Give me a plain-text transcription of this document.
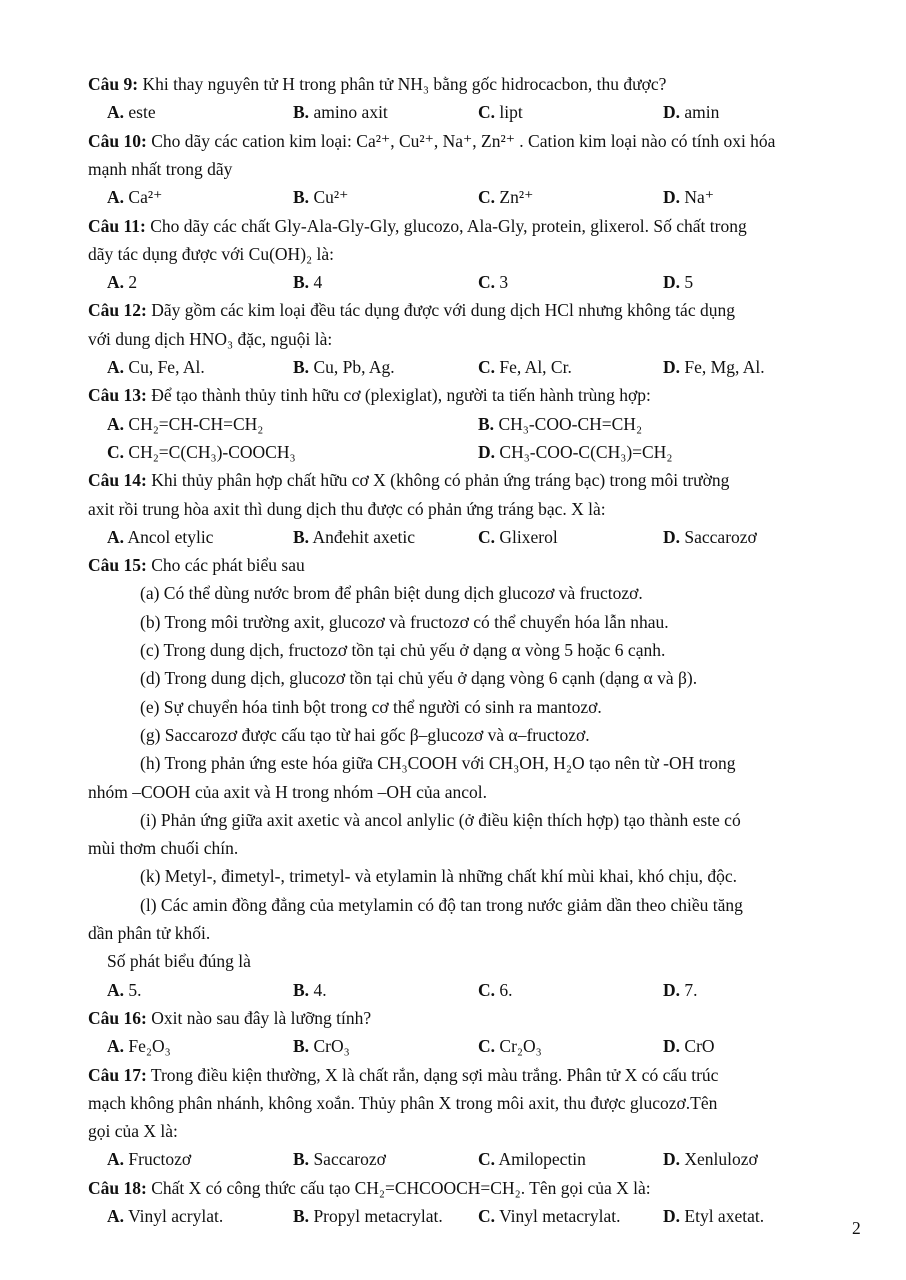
Câu 9: Khi thay nguyên tử H trong phân tử NH₃ bằng gốc hidrocacbon, thu được?
A. este	B. amino axit	C. lipt	D. amin
Câu 10: Cho dãy các cation kim loại: Ca²⁺, Cu²⁺, Na⁺, Zn²⁺ . Cation kim loại nào có tính oxi hóa
mạnh nhất trong dãy
A. Ca²⁺	B. Cu²⁺	C. Zn²⁺	D. Na⁺
Câu 11: Cho dãy các chất Gly-Ala-Gly-Gly, glucozo, Ala-Gly, protein, glixerol. Số chất trong
dãy tác dụng được với Cu(OH)₂ là:
A. 2	B. 4	C. 3	D. 5
Câu 12: Dãy gồm các kim loại đều tác dụng được với dung dịch HCl nhưng không tác dụng
với dung dịch HNO₃ đặc, nguội là:
A. Cu, Fe, Al.	B. Cu, Pb, Ag.	C. Fe, Al, Cr.	D. Fe, Mg, Al.
Câu 13: Để tạo thành thủy tinh hữu cơ (plexiglat), người ta tiến hành trùng hợp:
A. CH₂=CH-CH=CH₂	B. CH₃-COO-CH=CH₂
C. CH₂=C(CH₃)-COOCH₃	D. CH₃-COO-C(CH₃)=CH₂
Câu 14: Khi thủy phân hợp chất hữu cơ X (không có phản ứng tráng bạc) trong môi trường
axit rồi trung hòa axit thì dung dịch thu được có phản ứng tráng bạc. X là:
A. Ancol etylic	B. Anđehit axetic	C. Glixerol	D. Saccarozơ
Câu 15: Cho các phát biểu sau
(a) Có thể dùng nước brom để phân biệt dung dịch glucozơ và fructozơ.
(b) Trong môi trường axit, glucozơ và fructozơ có thể chuyển hóa lẫn nhau.
(c) Trong dung dịch, fructozơ tồn tại chủ yếu ở dạng α vòng 5 hoặc 6 cạnh.
(d) Trong dung dịch, glucozơ tồn tại chủ yếu ở dạng vòng 6 cạnh (dạng α và β).
(e) Sự chuyển hóa tinh bột trong cơ thể người có sinh ra mantozơ.
(g) Saccarozơ được cấu tạo từ hai gốc β–glucozơ và α–fructozơ.
(h) Trong phản ứng este hóa giữa CH₃COOH với CH₃OH, H₂O tạo nên từ -OH trong
nhóm –COOH của axit và H trong nhóm –OH của ancol.
(i) Phản ứng giữa axit axetic và ancol anlylic (ở điều kiện thích hợp) tạo thành este có
mùi thơm chuối chín.
(k) Metyl-, đimetyl-, trimetyl- và etylamin là những chất khí mùi khai, khó chịu, độc.
(l) Các amin đồng đẳng của metylamin có độ tan trong nước giảm dần theo chiều tăng
dần phân tử khối.
Số phát biểu đúng là
A. 5.	B. 4.	C. 6.	D. 7.
Câu 16: Oxit nào sau đây là lưỡng tính?
A. Fe₂O₃	B. CrO₃	C. Cr₂O₃	D. CrO
Câu 17: Trong điều kiện thường, X là chất rắn, dạng sợi màu trắng. Phân tử X có cấu trúc
mạch không phân nhánh, không xoắn. Thủy phân X trong môi axit, thu được glucozơ.Tên
gọi của X là:
A. Fructozơ	B. Saccarozơ	C. Amilopectin	D. Xenlulozơ
Câu 18: Chất X có công thức cấu tạo CH₂=CHCOOCH=CH₂. Tên gọi của X là:
A. Vinyl acrylat.	B. Propyl metacrylat. C. Vinyl metacrylat. D. Etyl axetat.
2
